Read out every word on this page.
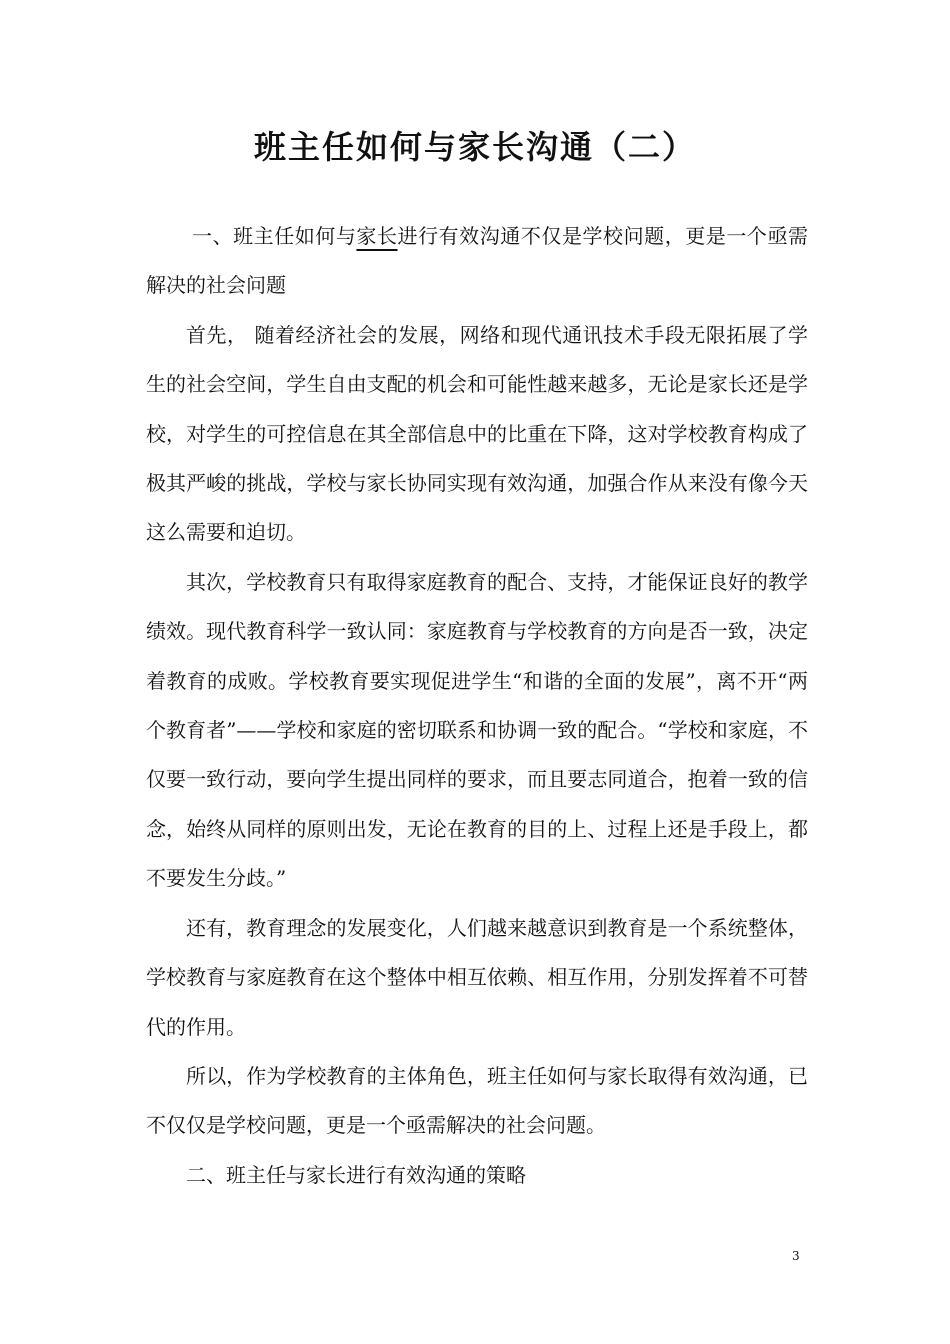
班主任如何与家长沟通（二）

一、班主任如何与家长进行有效沟通不仅是学校问题，更是一个亟需解决的社会问题

首先， 随着经济社会的发展，网络和现代通讯技术手段无限拓展了学生的社会空间，学生自由支配的机会和可能性越来越多，无论是家长还是学校，对学生的可控信息在其全部信息中的比重在下降，这对学校教育构成了极其严峻的挑战，学校与家长协同实现有效沟通，加强合作从来没有像今天这么需要和迫切。

其次，学校教育只有取得家庭教育的配合、支持，才能保证良好的教学绩效。现代教育科学一致认同：家庭教育与学校教育的方向是否一致，决定着教育的成败。学校教育要实现促进学生“和谐的全面的发展”，离不开“两个教育者”——学校和家庭的密切联系和协调一致的配合。“学校和家庭，不仅要一致行动，要向学生提出同样的要求，而且要志同道合，抱着一致的信念，始终从同样的原则出发，无论在教育的目的上、过程上还是手段上，都不要发生分歧。”

还有，教育理念的发展变化，人们越来越意识到教育是一个系统整体，学校教育与家庭教育在这个整体中相互依赖、相互作用，分别发挥着不可替代的作用。

所以，作为学校教育的主体角色，班主任如何与家长取得有效沟通，已不仅仅是学校问题，更是一个亟需解决的社会问题。

二、班主任与家长进行有效沟通的策略

3
